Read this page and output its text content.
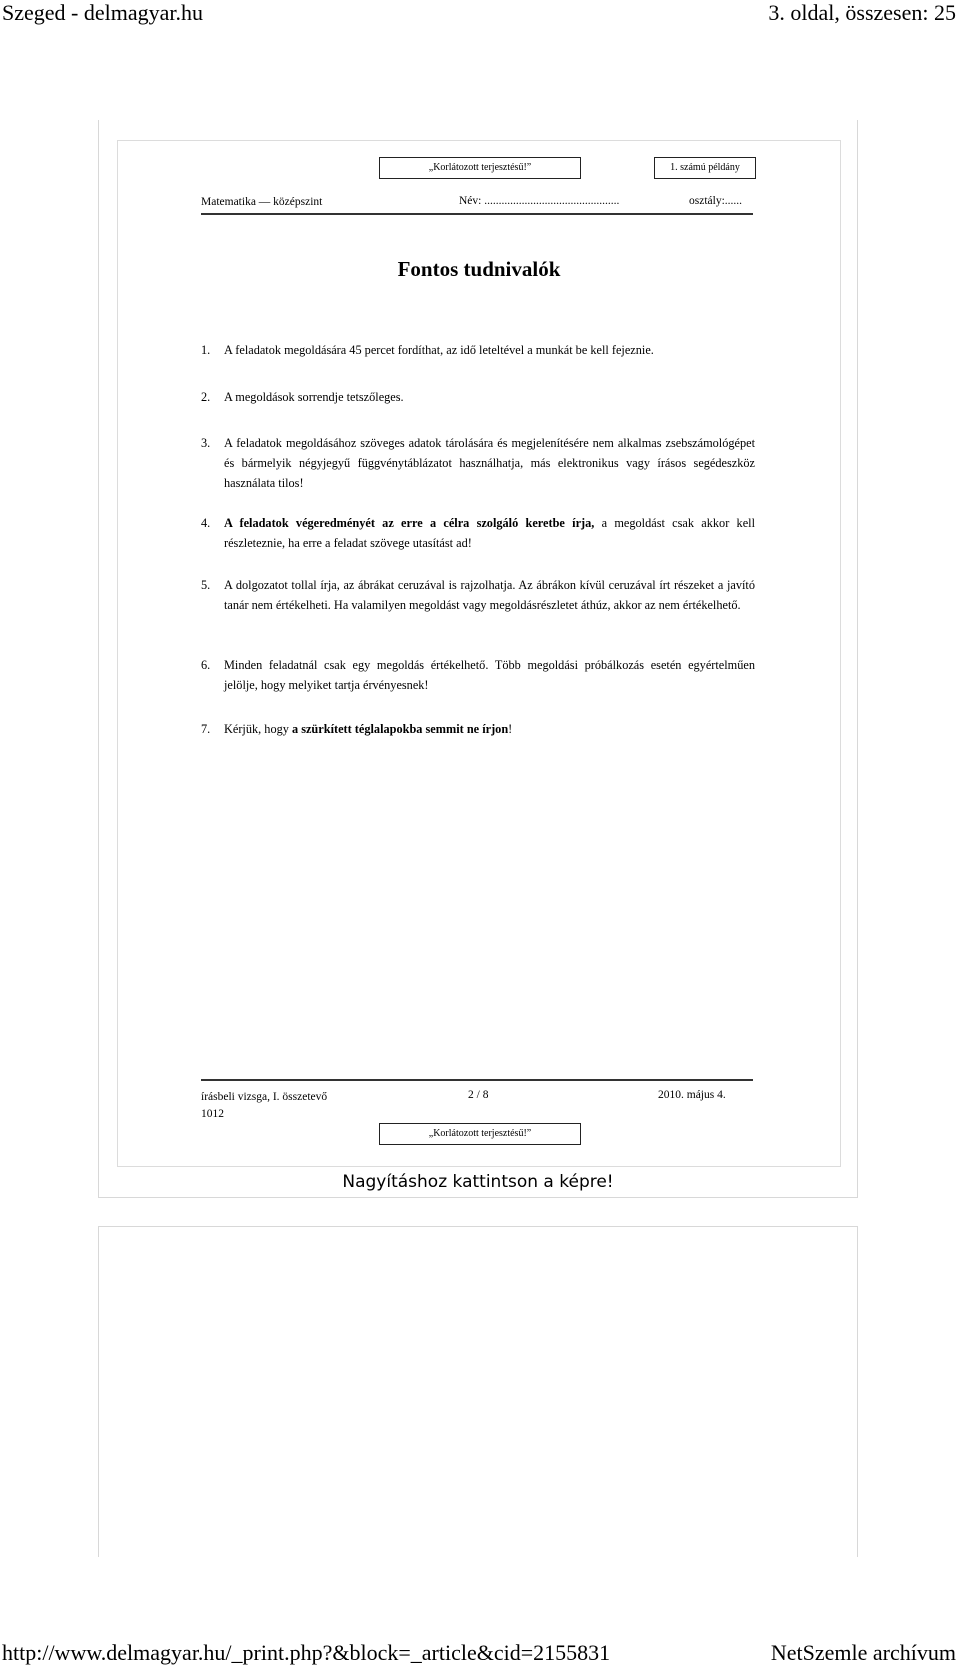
Szeged - delmagyar.hu	3. oldal, összesen: 25
„Korlátozott terjesztésű!”	1. számú példány
Matematika — középszint	Név: ...............................................	osztály:......
Fontos tudnivalók
1. A feladatok megoldására 45 percet fordíthat, az idő leteltével a munkát be kell fejeznie.
2. A megoldások sorrendje tetszőleges.
3. A feladatok megoldásához szöveges adatok tárolására és megjelenítésére nem alkalmas zsebszámológépet és bármelyik négyjegyű függvénytáblázatot használhatja, más elektronikus vagy írásos segédeszköz használata tilos!
4. A feladatok végeredményét az erre a célra szolgáló keretbe írja, a megoldást csak akkor kell részleteznie, ha erre a feladat szövege utasítást ad!
5. A dolgozatot tollal írja, az ábrákat ceruzával is rajzolhatja. Az ábrákon kívül ceruzával írt részeket a javító tanár nem értékelheti. Ha valamilyen megoldást vagy megoldásrészletet áthúz, akkor az nem értékelhető.
6. Minden feladatnál csak egy megoldás értékelhető. Több megoldási próbálkozás esetén egyértelműen jelölje, hogy melyiket tartja érvényesnek!
7. Kérjük, hogy a szürkített téglalapokba semmit ne írjon!
írásbeli vizsga, I. összetevő
1012
2 / 8	2010. május 4.
„Korlátozott terjesztésű!”
Nagyításhoz kattintson a képre!
http://www.delmagyar.hu/_print.php?&block=_article&cid=2155831	NetSzemle archívum
